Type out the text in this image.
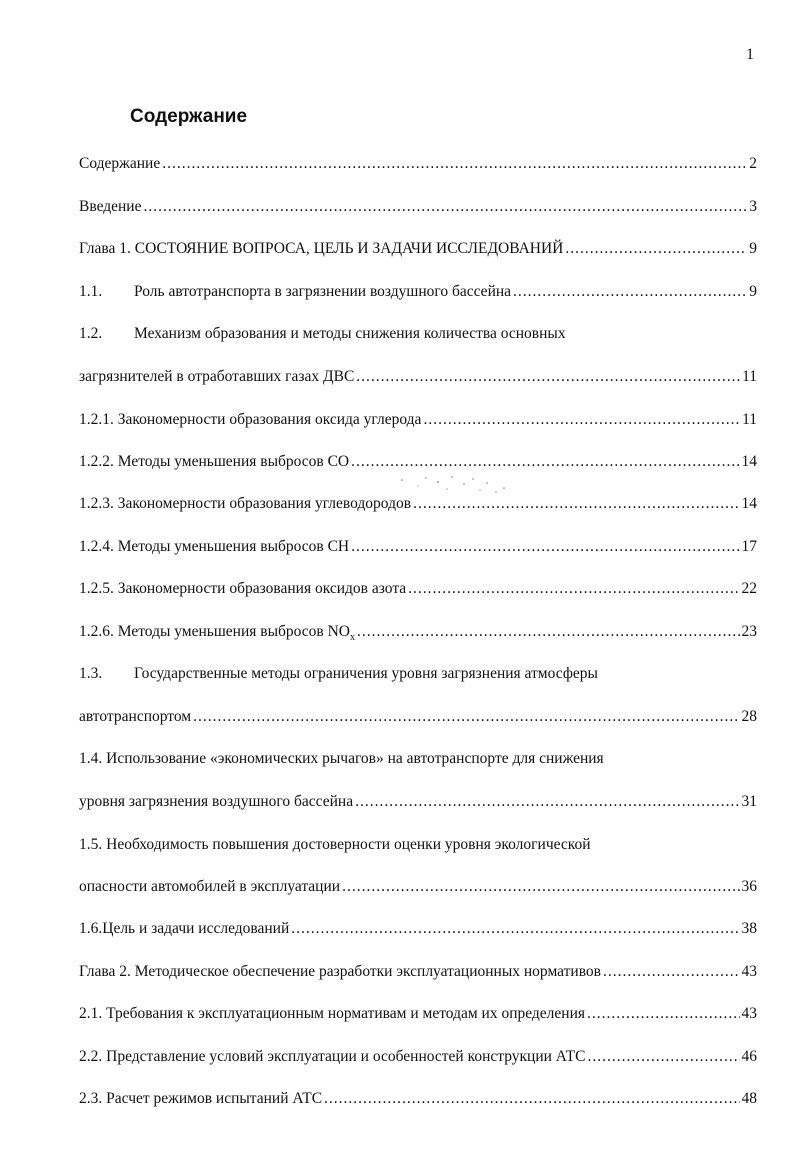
1
Содержание
Содержание .....	2
Введение .....	3
Глава 1. СОСТОЯНИЕ ВОПРОСА, ЦЕЛЬ И ЗАДАЧИ ИССЛЕДОВАНИЙ .....	9
1.1.	Роль автотранспорта в загрязнении воздушного бассейна .....	9
1.2. Механизм образования и методы снижения количества основных
загрязнителей в отработавших газах ДВС .....	11
1.2.1. Закономерности образования оксида углерода .....	11
1.2.2. Методы уменьшения выбросов СО .....	14
1.2.3. Закономерности образования углеводородов .....	14
1.2.4. Методы уменьшения выбросов СН .....	17
1.2.5. Закономерности образования оксидов азота .....	22
1.2.6. Методы уменьшения выбросов $NO_x$ .....	23
1.3. Государственные методы ограничения уровня загрязнения атмосферы
автотранспортом .....	28
1.4. Использование «экономических рычагов» на автотранспорте для снижения
уровня загрязнения воздушного бассейна .....	31
1.5. Необходимость повышения достоверности оценки уровня экологической
опасности автомобилей в эксплуатации .....	36
1.6.Цель и задачи исследований .....	38
Глава 2. Методическое обеспечение разработки эксплуатационных нормативов .....	43
2.1. Требования к эксплуатационным нормативам и методам их определения .....	43
2.2. Представление условий эксплуатации и особенностей конструкции АТС .....	46
2.3. Расчет режимов испытаний АТС .....	48
